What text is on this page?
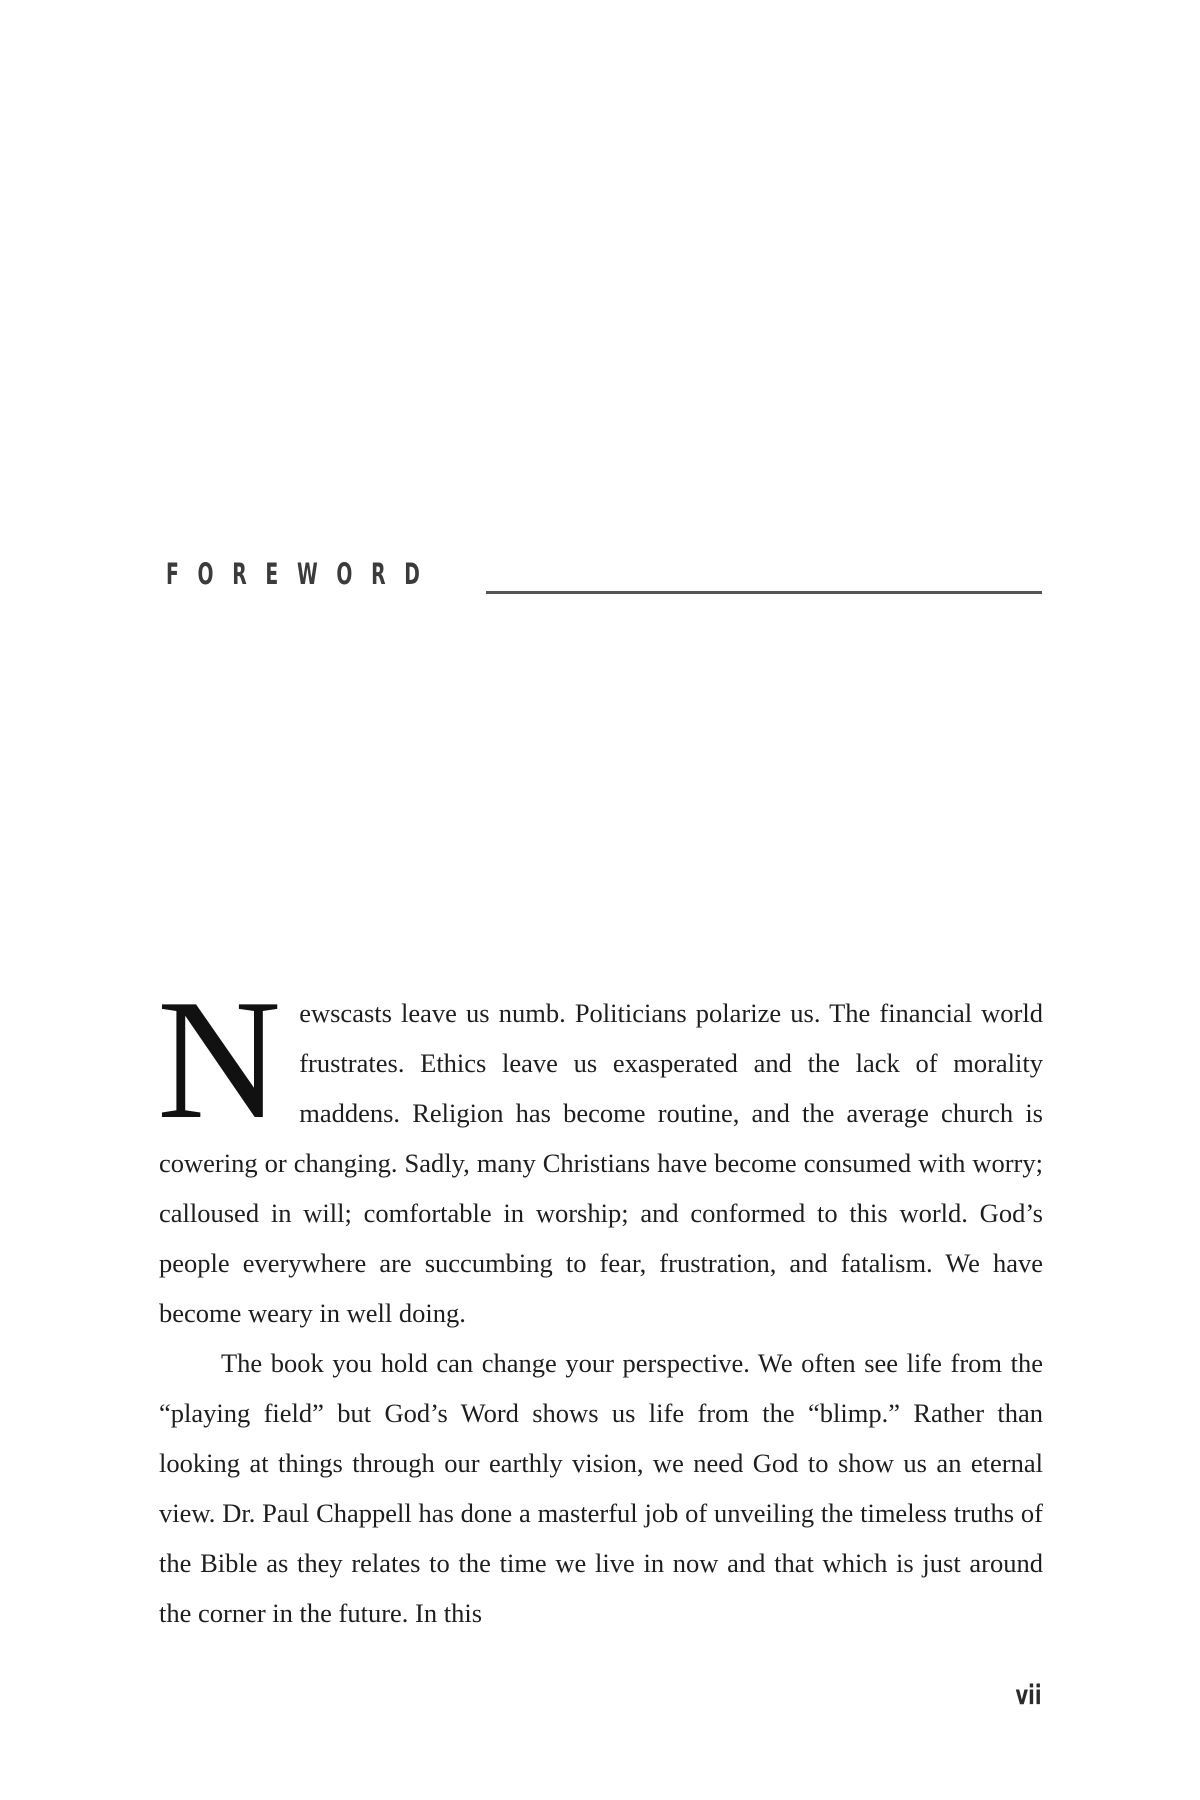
FOREWORD

N ewscasts leave us numb. Politicians polarize us. The financial world frustrates. Ethics leave us exasperated and the lack of morality maddens. Religion has become routine, and the average church is cowering or changing. Sadly, many Christians have become consumed with worry; calloused in will; comfortable in worship; and conformed to this world. God’s people everywhere are succumbing to fear, frustration, and fatalism. We have become weary in well doing.

The book you hold can change your perspective. We often see life from the “playing field” but God’s Word shows us life from the “blimp.” Rather than looking at things through our earthly vision, we need God to show us an eternal view. Dr. Paul Chappell has done a masterful job of unveiling the timeless truths of the Bible as they relates to the time we live in now and that which is just around the corner in the future. In this

vii
